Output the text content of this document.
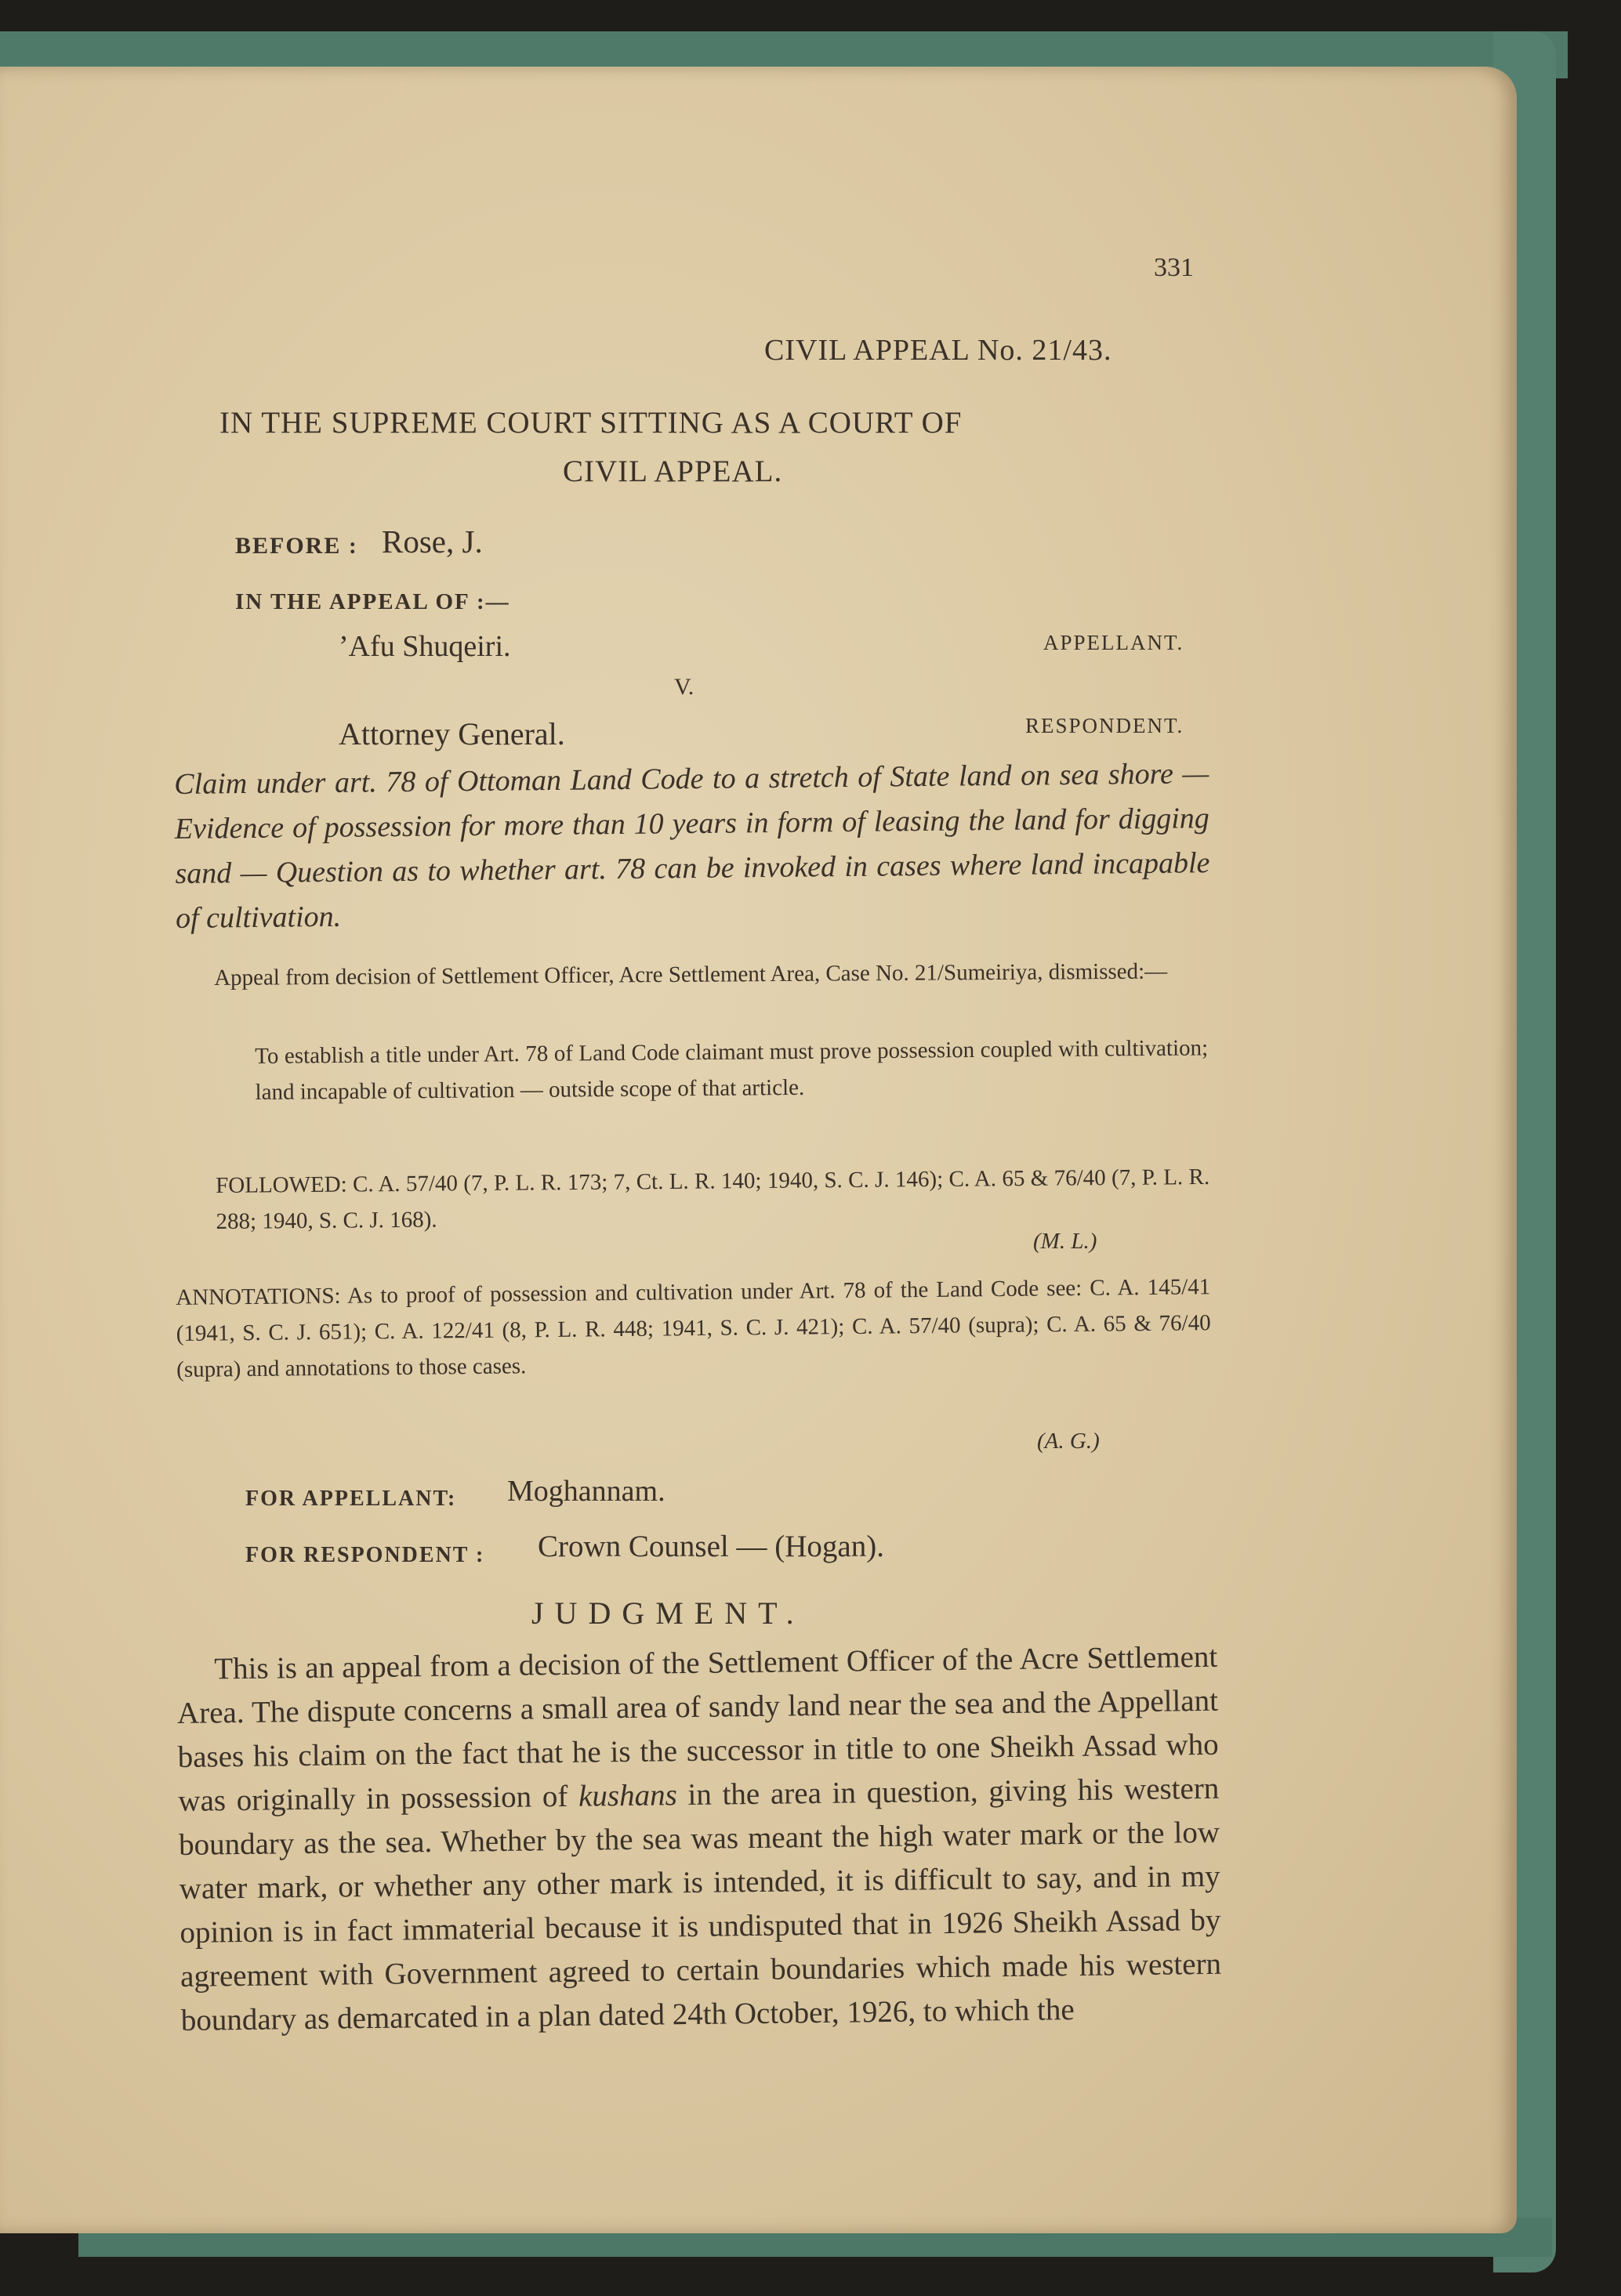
331
CIVIL APPEAL No. 21/43.
IN THE SUPREME COURT SITTING AS A COURT OF
CIVIL APPEAL.
BEFORE : Rose, J.
IN THE APPEAL OF :—
’Afu Shuqeiri.	APPELLANT.
V.
Attorney General.	RESPONDENT.
Claim under art. 78 of Ottoman Land Code to a stretch of State land on sea shore — Evidence of possession for more than 10 years in form of leasing the land for digging sand — Question as to whether art. 78 can be invoked in cases where land incapable of cultivation.
Appeal from decision of Settlement Officer, Acre Settlement Area, Case No. 21/Sumeiriya, dismissed:—
To establish a title under Art. 78 of Land Code claimant must prove possession coupled with cultivation; land incapable of cultivation — outside scope of that article.
FOLLOWED: C. A. 57/40 (7, P. L. R. 173; 7, Ct. L. R. 140; 1940, S. C. J. 146); C. A. 65 & 76/40 (7, P. L. R. 288; 1940, S. C. J. 168).
(M. L.)
ANNOTATIONS: As to proof of possession and cultivation under Art. 78 of the Land Code see: C. A. 145/41 (1941, S. C. J. 651); C. A. 122/41 (8, P. L. R. 448; 1941, S. C. J. 421); C. A. 57/40 (supra); C. A. 65 & 76/40 (supra) and annotations to those cases.
(A. G.)
FOR APPELLANT: Moghannam.
FOR RESPONDENT : Crown Counsel — (Hogan).
JUDGMENT.
This is an appeal from a decision of the Settlement Officer of the Acre Settlement Area. The dispute concerns a small area of sandy land near the sea and the Appellant bases his claim on the fact that he is the successor in title to one Sheikh Assad who was originally in possession of kushans in the area in question, giving his western boundary as the sea. Whether by the sea was meant the high water mark or the low water mark, or whether any other mark is intended, it is difficult to say, and in my opinion is in fact immaterial because it is undisputed that in 1926 Sheikh Assad by agreement with Government agreed to certain boundaries which made his western boundary as demarcated in a plan dated 24th October, 1926, to which the
